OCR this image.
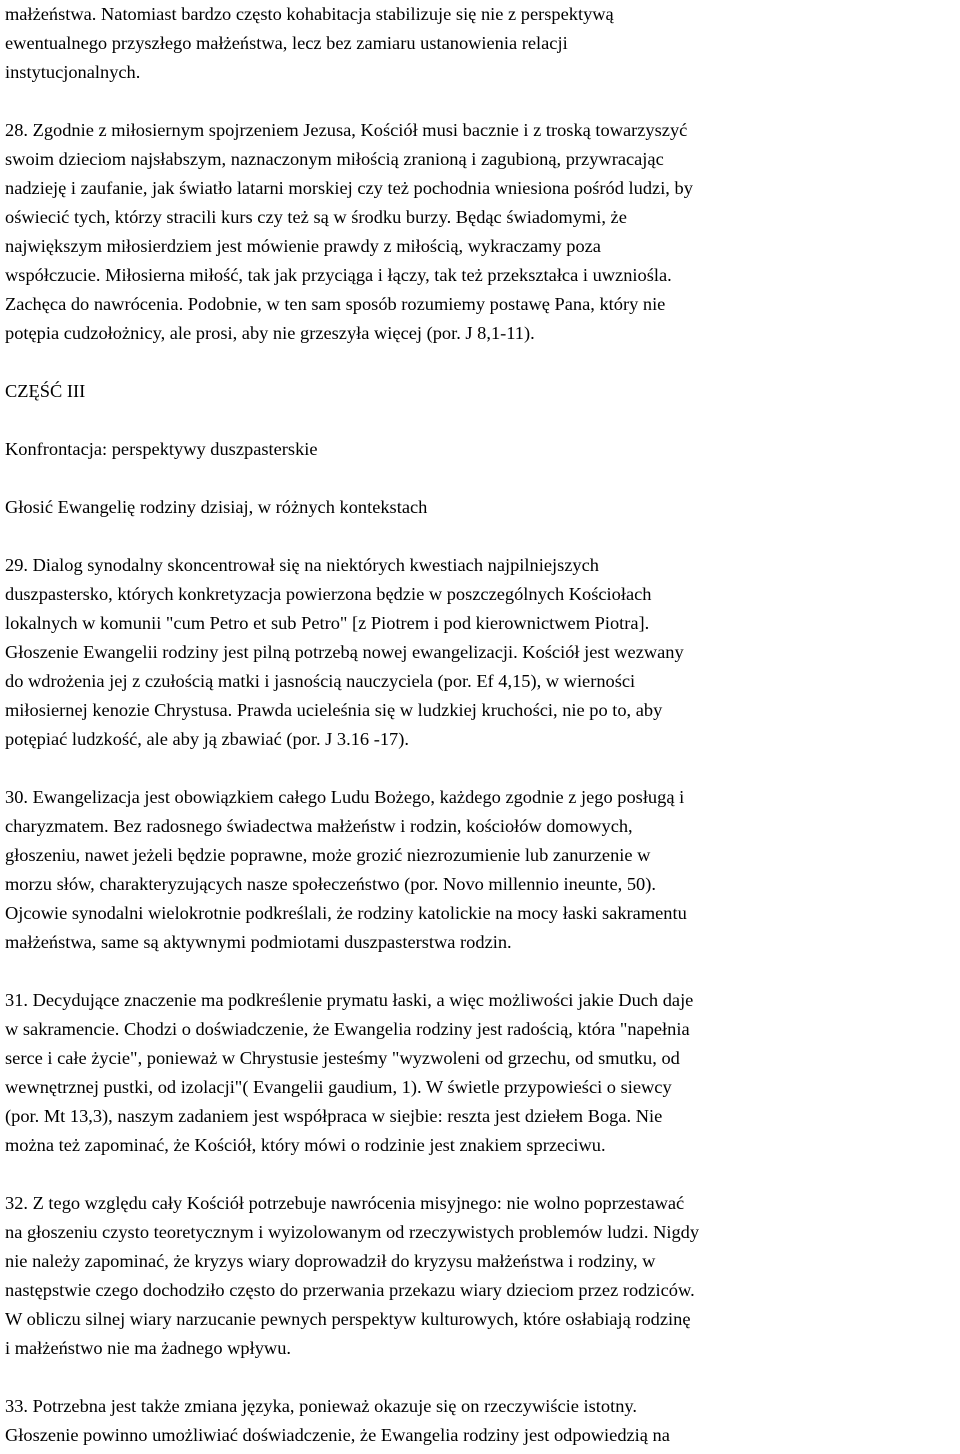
małżeństwa. Natomiast bardzo często kohabitacja stabilizuje się nie z perspektywą
ewentualnego przyszłego małżeństwa, lecz bez zamiaru ustanowienia relacji
instytucjonalnych.
28. Zgodnie z miłosiernym spojrzeniem Jezusa, Kościół musi bacznie i z troską towarzyszyć
swoim dzieciom najsłabszym, naznaczonym miłością zranioną i zagubioną, przywracając
nadzieję i zaufanie, jak światło latarni morskiej czy też pochodnia wniesiona pośród ludzi, by
oświecić tych, którzy stracili kurs czy też są w środku burzy. Będąc świadomymi, że
największym miłosierdziem jest mówienie prawdy z miłością, wykraczamy poza
współczucie. Miłosierna miłość, tak jak przyciąga i łączy, tak też przekształca i uwzniośla.
Zachęca do nawrócenia. Podobnie, w ten sam sposób rozumiemy postawę Pana, który nie
potępia cudzołożnicy, ale prosi, aby nie grzeszyła więcej (por. J 8,1-11).
CZĘŚĆ III
Konfrontacja: perspektywy duszpasterskie
Głosić Ewangelię rodziny dzisiaj, w różnych kontekstach
29. Dialog synodalny skoncentrował się na niektórych kwestiach najpilniejszych
duszpastersko, których konkretyzacja powierzona będzie w poszczególnych Kościołach
lokalnych w komunii "cum Petro et sub Petro" [z Piotrem i pod kierownictwem Piotra].
Głoszenie Ewangelii rodziny jest pilną potrzebą nowej ewangelizacji. Kościół jest wezwany
do wdrożenia jej z czułością matki i jasnością nauczyciela (por. Ef 4,15), w wierności
miłosiernej kenozie Chrystusa. Prawda ucieleśnia się w ludzkiej kruchości, nie po to, aby
potępiać ludzkość, ale aby ją zbawiać (por. J 3.16 -17).
30. Ewangelizacja jest obowiązkiem całego Ludu Bożego, każdego zgodnie z jego posługą i
charyzmatem. Bez radosnego świadectwa małżeństw i rodzin, kościołów domowych,
głoszeniu, nawet jeżeli będzie poprawne, może grozić niezrozumienie lub zanurzenie w
morzu słów, charakteryzujących nasze społeczeństwo (por. Novo millennio ineunte, 50).
Ojcowie synodalni wielokrotnie podkreślali, że rodziny katolickie na mocy łaski sakramentu
małżeństwa, same są aktywnymi podmiotami duszpasterstwa rodzin.
31. Decydujące znaczenie ma podkreślenie prymatu łaski, a więc możliwości jakie Duch daje
w sakramencie. Chodzi o doświadczenie, że Ewangelia rodziny jest radością, która "napełnia
serce i całe życie", ponieważ w Chrystusie jesteśmy "wyzwoleni od grzechu, od smutku, od
wewnętrznej pustki, od izolacji"( Evangelii gaudium, 1). W świetle przypowieści o siewcy
(por. Mt 13,3), naszym zadaniem jest współpraca w siejbie: reszta jest dziełem Boga. Nie
można też zapominać, że Kościół, który mówi o rodzinie jest znakiem sprzeciwu.
32. Z tego względu cały Kościół potrzebuje nawrócenia misyjnego: nie wolno poprzestawać
na głoszeniu czysto teoretycznym i wyizolowanym od rzeczywistych problemów ludzi. Nigdy
nie należy zapominać, że kryzys wiary doprowadził do kryzysu małżeństwa i rodziny, w
następstwie czego dochodziło często do przerwania przekazu wiary dzieciom przez rodziców.
W obliczu silnej wiary narzucanie pewnych perspektyw kulturowych, które osłabiają rodzinę
i małżeństwo nie ma żadnego wpływu.
33. Potrzebna jest także zmiana języka, ponieważ okazuje się on rzeczywiście istotny.
Głoszenie powinno umożliwiać doświadczenie, że Ewangelia rodziny jest odpowiedzią na
